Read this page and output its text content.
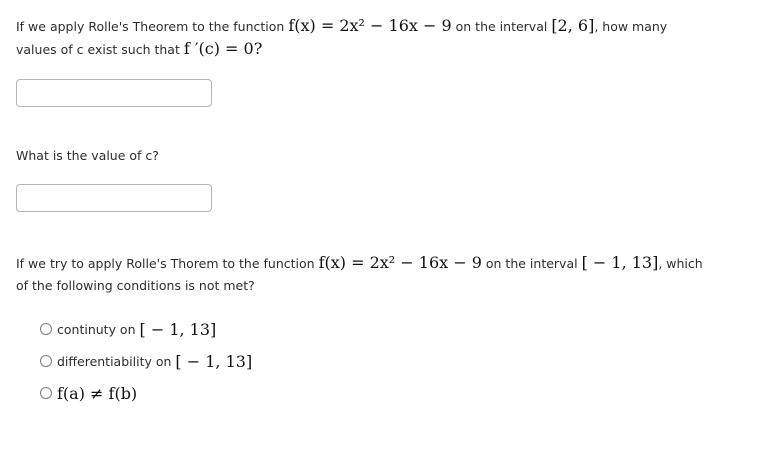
If we apply Rolle's Theorem to the function f(x) = 2x² − 16x − 9 on the interval [2, 6], how many
values of c exist such that f ′(c) = 0?
What is the value of c?
If we try to apply Rolle's Thorem to the function f(x) = 2x² − 16x − 9 on the interval [ − 1, 13], which
of the following conditions is not met?
continuty on
[ − 1, 13]
differentiability on
[ − 1, 13]
f(a) ≠ f(b)
